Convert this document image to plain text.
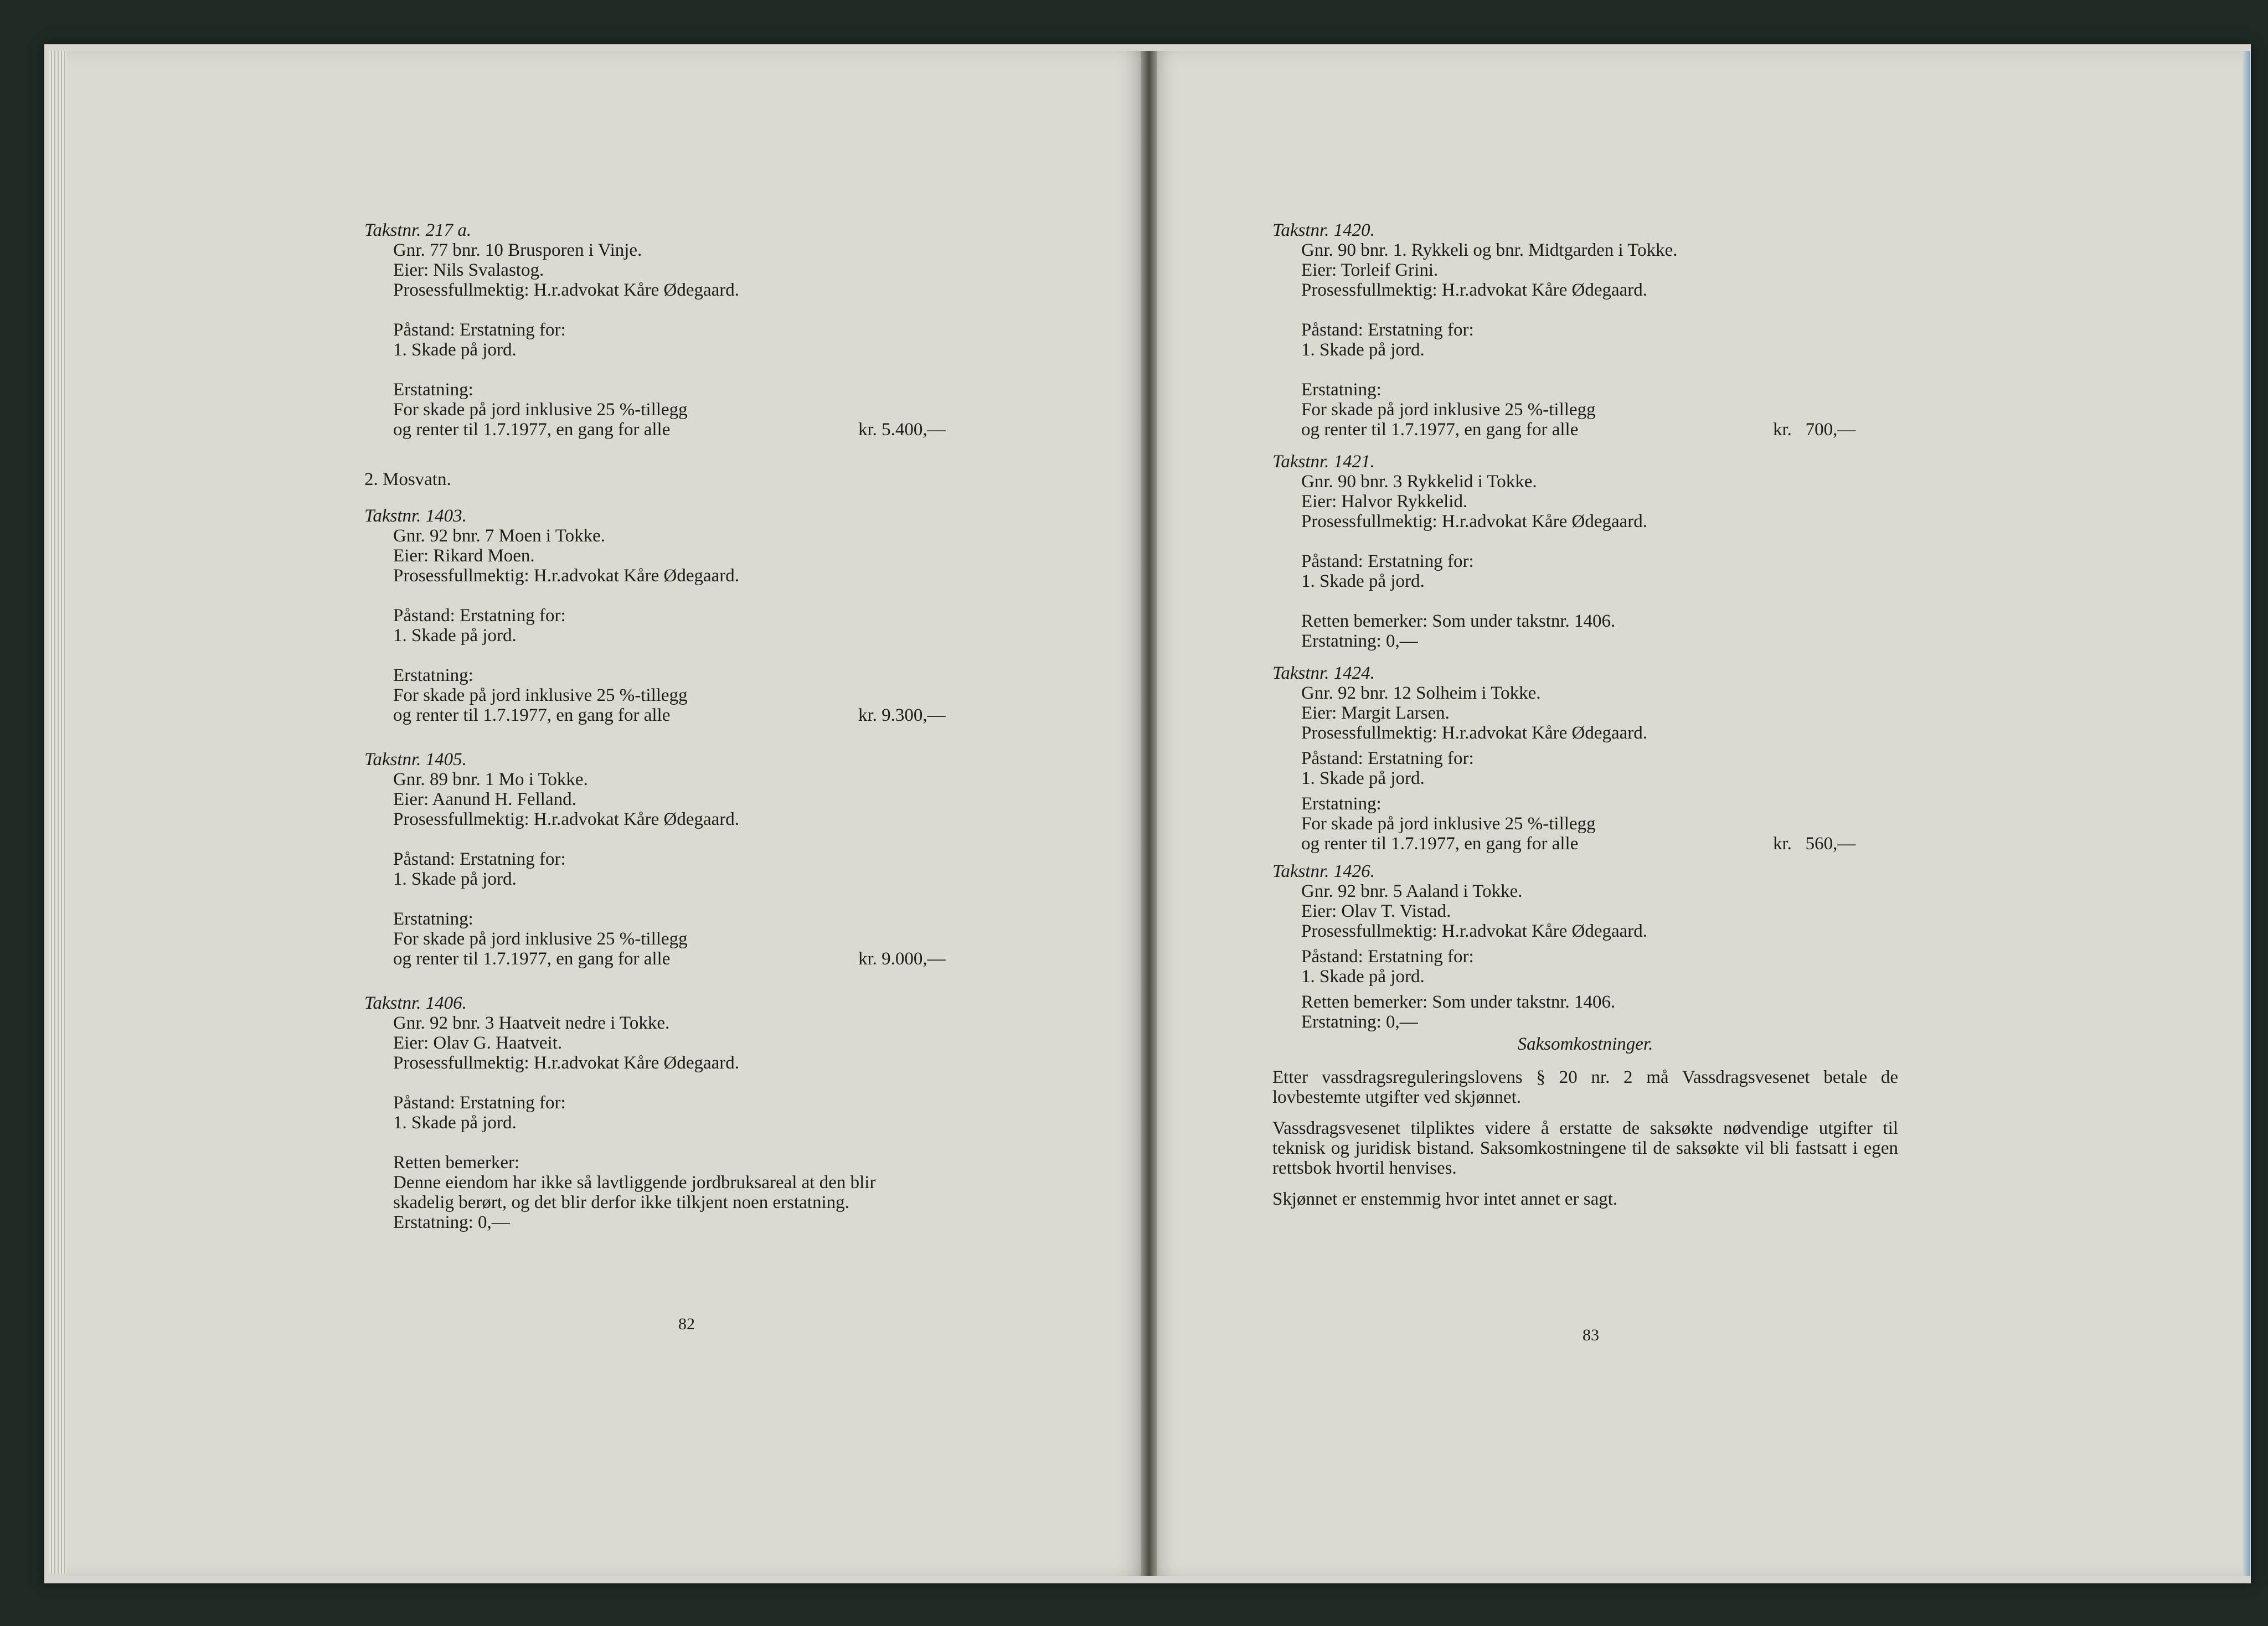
Takstnr. 217 a.
Gnr. 77 bnr. 10 Brusporen i Vinje.
Eier: Nils Svalastog.
Prosessfullmektig: H.r.advokat Kåre Ødegaard.
Påstand: Erstatning for:
1. Skade på jord.
Erstatning:
For skade på jord inklusive 25 %-tillegg
og renter til 1.7.1977, en gang for alle	kr. 5.400,—
2. Mosvatn.
Takstnr. 1403.
Gnr. 92 bnr. 7 Moen i Tokke.
Eier: Rikard Moen.
Prosessfullmektig: H.r.advokat Kåre Ødegaard.
Påstand: Erstatning for:
1. Skade på jord.
Erstatning:
For skade på jord inklusive 25 %-tillegg
og renter til 1.7.1977, en gang for alle	kr. 9.300,—
Takstnr. 1405.
Gnr. 89 bnr. 1 Mo i Tokke.
Eier: Aanund H. Felland.
Prosessfullmektig: H.r.advokat Kåre Ødegaard.
Påstand: Erstatning for:
1. Skade på jord.
Erstatning:
For skade på jord inklusive 25 %-tillegg
og renter til 1.7.1977, en gang for alle	kr. 9.000,—
Takstnr. 1406.
Gnr. 92 bnr. 3 Haatveit nedre i Tokke.
Eier: Olav G. Haatveit.
Prosessfullmektig: H.r.advokat Kåre Ødegaard.
Påstand: Erstatning for:
1. Skade på jord.
Retten bemerker:
Denne eiendom har ikke så lavtliggende jordbruksareal at den blir
skadelig berørt, og det blir derfor ikke tilkjent noen erstatning.
Erstatning: 0,—
82
Takstnr. 1420.
Gnr. 90 bnr. 1. Rykkeli og bnr. Midtgarden i Tokke.
Eier: Torleif Grini.
Prosessfullmektig: H.r.advokat Kåre Ødegaard.
Påstand: Erstatning for:
1. Skade på jord.
Erstatning:
For skade på jord inklusive 25 %-tillegg
og renter til 1.7.1977, en gang for alle	kr.   700,—
Takstnr. 1421.
Gnr. 90 bnr. 3 Rykkelid i Tokke.
Eier: Halvor Rykkelid.
Prosessfullmektig: H.r.advokat Kåre Ødegaard.
Påstand: Erstatning for:
1. Skade på jord.
Retten bemerker: Som under takstnr. 1406.
Erstatning: 0,—
Takstnr. 1424.
Gnr. 92 bnr. 12 Solheim i Tokke.
Eier: Margit Larsen.
Prosessfullmektig: H.r.advokat Kåre Ødegaard.
Påstand: Erstatning for:
1. Skade på jord.
Erstatning:
For skade på jord inklusive 25 %-tillegg
og renter til 1.7.1977, en gang for alle	kr.   560,—
Takstnr. 1426.
Gnr. 92 bnr. 5 Aaland i Tokke.
Eier: Olav T. Vistad.
Prosessfullmektig: H.r.advokat Kåre Ødegaard.
Påstand: Erstatning for:
1. Skade på jord.
Retten bemerker: Som under takstnr. 1406.
Erstatning: 0,—
Saksomkostninger.
Etter vassdragsreguleringslovens § 20 nr. 2 må Vassdragsvesenet betale de lovbestemte utgifter ved skjønnet.
Vassdragsvesenet tilpliktes videre å erstatte de saksøkte nødvendige utgifter til teknisk og juridisk bistand. Saksomkostningene til de saksøkte vil bli fastsatt i egen rettsbok hvortil henvises.
Skjønnet er enstemmig hvor intet annet er sagt.
83
